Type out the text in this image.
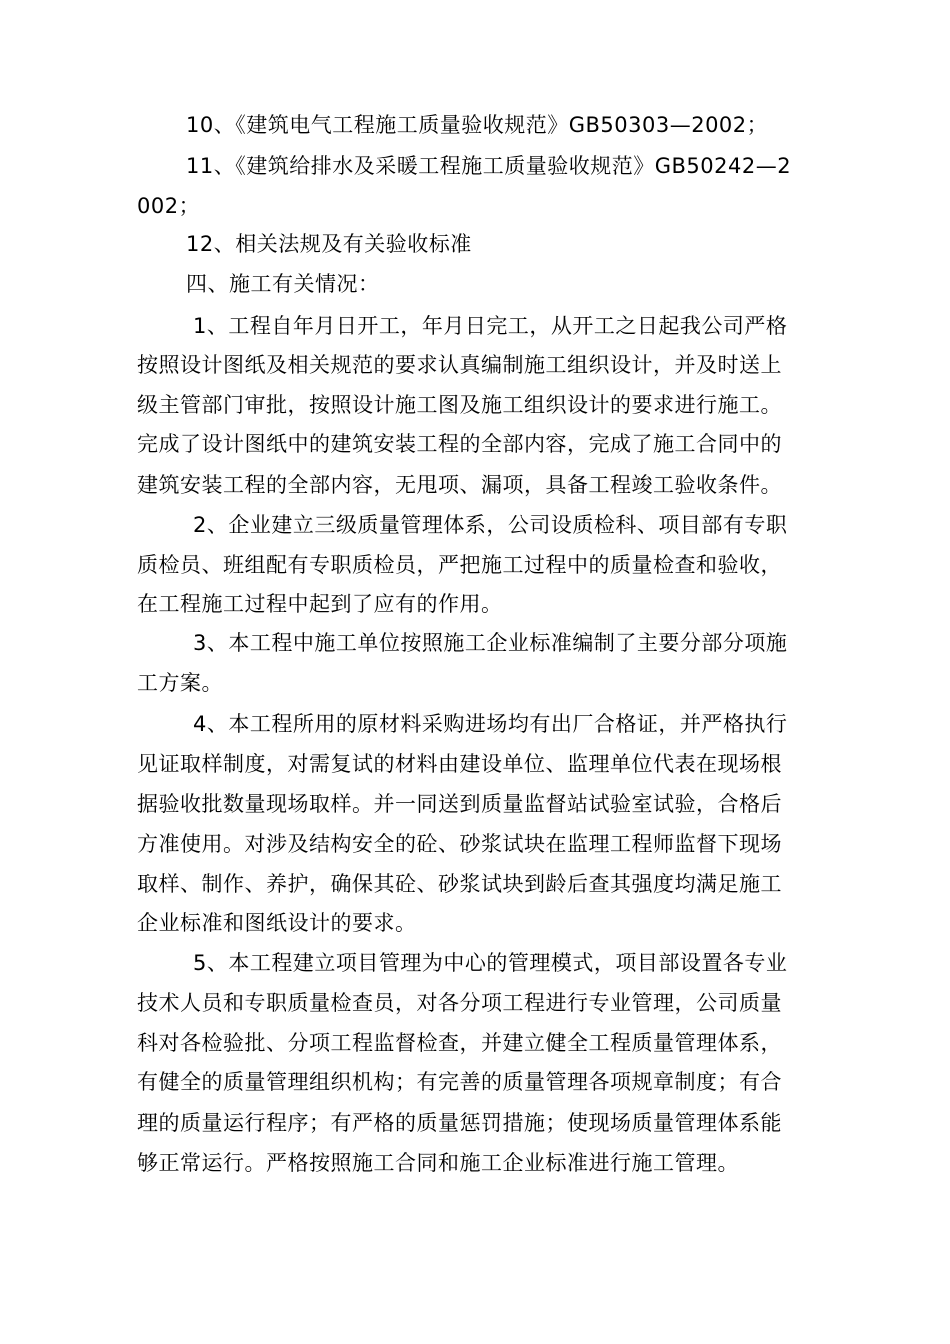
10、《建筑电气工程施工质量验收规范》GB50303—2002；
11、《建筑给排水及采暖工程施工质量验收规范》GB50242—2
002；
12、相关法规及有关验收标准
四、施工有关情况：
1、工程自年月日开工，年月日完工，从开工之日起我公司严格
按照设计图纸及相关规范的要求认真编制施工组织设计，并及时送上
级主管部门审批，按照设计施工图及施工组织设计的要求进行施工。
完成了设计图纸中的建筑安装工程的全部内容，完成了施工合同中的
建筑安装工程的全部内容，无甩项、漏项，具备工程竣工验收条件。
2、企业建立三级质量管理体系，公司设质检科、项目部有专职
质检员、班组配有专职质检员，严把施工过程中的质量检查和验收，
在工程施工过程中起到了应有的作用。
3、本工程中施工单位按照施工企业标准编制了主要分部分项施
工方案。
4、本工程所用的原材料采购进场均有出厂合格证，并严格执行
见证取样制度，对需复试的材料由建设单位、监理单位代表在现场根
据验收批数量现场取样。并一同送到质量监督站试验室试验，合格后
方准使用。对涉及结构安全的砼、砂浆试块在监理工程师监督下现场
取样、制作、养护，确保其砼、砂浆试块到龄后查其强度均满足施工
企业标准和图纸设计的要求。
5、本工程建立项目管理为中心的管理模式，项目部设置各专业
技术人员和专职质量检查员，对各分项工程进行专业管理，公司质量
科对各检验批、分项工程监督检查，并建立健全工程质量管理体系，
有健全的质量管理组织机构；有完善的质量管理各项规章制度；有合
理的质量运行程序；有严格的质量惩罚措施；使现场质量管理体系能
够正常运行。严格按照施工合同和施工企业标准进行施工管理。
